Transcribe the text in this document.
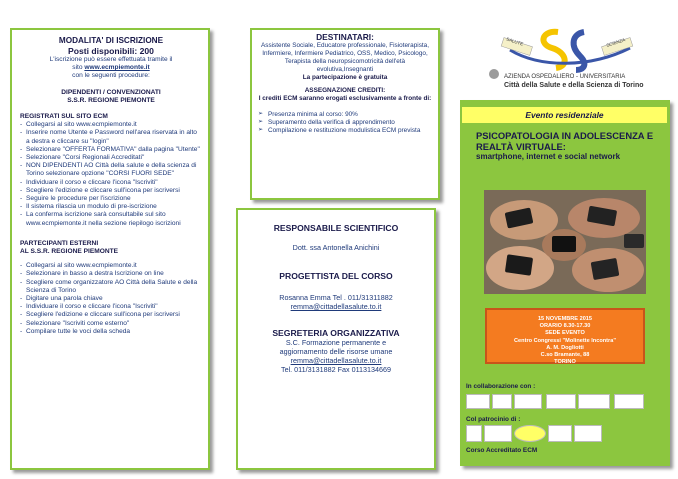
MODALITA' DI ISCRIZIONE
Posti disponibili: 200
L'iscrizione può essere effettuata tramite il
sito www.ecmpiemonte.it
con le seguenti procedure:
DIPENDENTI / CONVENZIONATI
S.S.R. REGIONE PIEMONTE
REGISTRATI SUL SITO ECM
- Collegarsi al sito www.ecmpiemonte.it
- Inserire nome Utente e Password nell'area riservata in alto a destra e cliccare su "login"
- Selezionare "OFFERTA FORMATIVA" dalla pagina "Utente"
- Selezionare "Corsi Regionali Accreditati"
- NON DIPENDENTI AO Città della salute e della scienza di Torino selezionare opzione "CORSI FUORI SEDE"
- Individuare il corso e cliccare l'icona "Iscriviti"
- Scegliere l'edizione e cliccare sull'icona per iscriversi
- Seguire le procedure per l'iscrizione
- Il sistema rilascia un modulo di pre-iscrizione
- La conferma iscrizione sarà consultabile sul sito www.ecmpiemonte.it nella sezione riepilogo iscrizioni
PARTECIPANTI ESTERNI
AL S.S.R. REGIONE PIEMONTE
- Collegarsi al sito www.ecmpiemonte.it
- Selezionare in basso a destra Iscrizione on line
- Scegliere come organizzatore AO Città della Salute e della Scienza di Torino
- Digitare una parola chiave
- Individuare il corso e cliccare l'icona "Iscriviti"
- Scegliere l'edizione e cliccare sull'icona per iscriversi
- Selezionare "Iscriviti come esterno"
- Compilare tutte le voci della scheda
DESTINATARI:
Assistente Sociale, Educatore professionale, Fisioterapista, Infermiere, Infermiere Pediatrico, OSS, Medico, Psicologo, Terapista della neuropsicomotricità dell'età evolutiva,Insegnanti
La partecipazione è gratuita
ASSEGNAZIONE CREDITI:
I crediti ECM saranno erogati esclusivamente a fronte di:
➢ Presenza minima al corso: 90%
➢ Superamento della verifica di apprendimento
➢ Compilazione e restituzione modulistica ECM prevista
RESPONSABILE SCIENTIFICO
Dott. ssa Antonella Anichini
PROGETTISTA DEL CORSO
Rosanna Emma Tel . 011/31311882
remma@cittadellasalute.to.it
SEGRETERIA ORGANIZZATIVA
S.C. Formazione permanente e
aggiornamento delle risorse umane
remma@cittadellasalute.to.it
Tel. 011/3131882 Fax 0113134669
SALUTE	SCIENZA
AZIENDA OSPEDALIERO - UNIVERSITARIA
Città della Salute e della Scienza di Torino
Evento residenziale
PSICOPATOLOGIA IN ADOLESCENZA E REALTÀ VIRTUALE:
smartphone, internet e social network
15 NOVEMBRE 2015
ORARIO 8.30-17.30
SEDE EVENTO
Centro Congressi "Molinette Incontra"
A. M. Dogliotti
C.so Bramante, 88
TORINO
In collaborazione con :
Col patrocinio di :
Corso Accreditato ECM
